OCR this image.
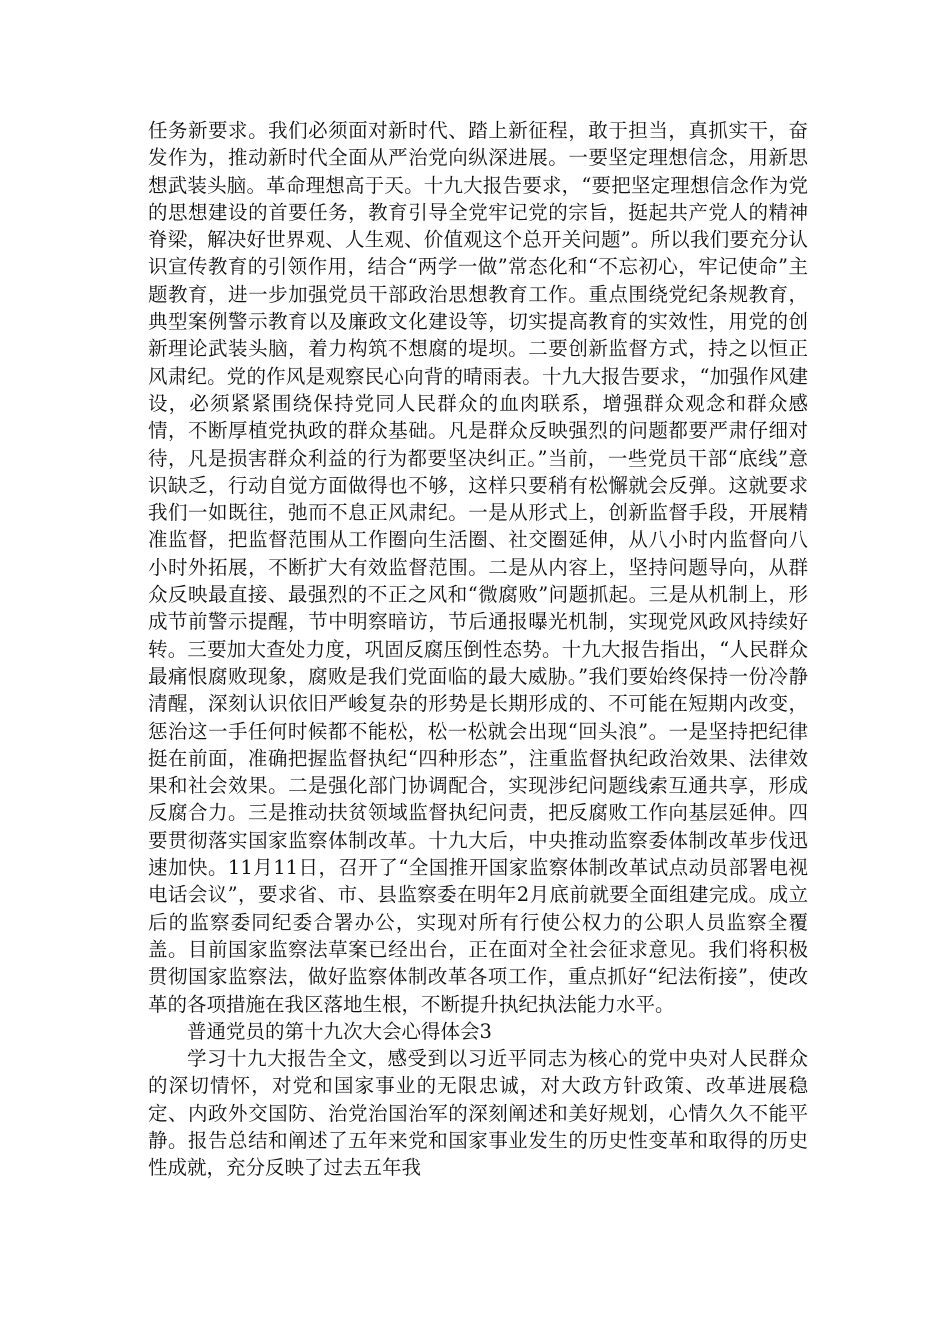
任务新要求。我们必须面对新时代、踏上新征程，敢于担当，真抓实干，奋发作为，推动新时代全面从严治党向纵深进展。一要坚定理想信念，用新思想武装头脑。革命理想高于天。十九大报告要求，“要把坚定理想信念作为党的思想建设的首要任务，教育引导全党牢记党的宗旨，挺起共产党人的精神脊梁，解决好世界观、人生观、价值观这个总开关问题”。所以我们要充分认识宣传教育的引领作用，结合“两学一做”常态化和“不忘初心，牢记使命”主题教育，进一步加强党员干部政治思想教育工作。重点围绕党纪条规教育，典型案例警示教育以及廉政文化建设等，切实提高教育的实效性，用党的创新理论武装头脑，着力构筑不想腐的堤坝。二要创新监督方式，持之以恒正风肃纪。党的作风是观察民心向背的晴雨表。十九大报告要求，“加强作风建设，必须紧紧围绕保持党同人民群众的血肉联系，增强群众观念和群众感情，不断厚植党执政的群众基础。凡是群众反映强烈的问题都要严肃仔细对待，凡是损害群众利益的行为都要坚决纠正。”当前，一些党员干部“底线”意识缺乏，行动自觉方面做得也不够，这样只要稍有松懈就会反弹。这就要求我们一如既往，弛而不息正风肃纪。一是从形式上，创新监督手段，开展精准监督，把监督范围从工作圈向生活圈、社交圈延伸，从八小时内监督向八小时外拓展，不断扩大有效监督范围。二是从内容上，坚持问题导向，从群众反映最直接、最强烈的不正之风和“微腐败”问题抓起。三是从机制上，形成节前警示提醒，节中明察暗访，节后通报曝光机制，实现党风政风持续好转。三要加大查处力度，巩固反腐压倒性态势。十九大报告指出，“人民群众最痛恨腐败现象，腐败是我们党面临的最大威胁。”我们要始终保持一份冷静清醒，深刻认识依旧严峻复杂的形势是长期形成的、不可能在短期内改变，惩治这一手任何时候都不能松，松一松就会出现“回头浪”。一是坚持把纪律挺在前面，准确把握监督执纪“四种形态”，注重监督执纪政治效果、法律效果和社会效果。二是强化部门协调配合，实现涉纪问题线索互通共享，形成反腐合力。三是推动扶贫领域监督执纪问责，把反腐败工作向基层延伸。四要贯彻落实国家监察体制改革。十九大后，中央推动监察委体制改革步伐迅速加快。11月11日，召开了“全国推开国家监察体制改革试点动员部署电视电话会议”，要求省、市、县监察委在明年2月底前就要全面组建完成。成立后的监察委同纪委合署办公，实现对所有行使公权力的公职人员监察全覆盖。目前国家监察法草案已经出台，正在面对全社会征求意见。我们将积极贯彻国家监察法，做好监察体制改革各项工作，重点抓好“纪法衔接”，使改革的各项措施在我区落地生根，不断提升执纪执法能力水平。

普通党员的第十九次大会心得体会3

学习十九大报告全文，感受到以习近平同志为核心的党中央对人民群众的深切情怀，对党和国家事业的无限忠诚，对大政方针政策、改革进展稳定、内政外交国防、治党治国治军的深刻阐述和美好规划，心情久久不能平静。报告总结和阐述了五年来党和国家事业发生的历史性变革和取得的历史性成就，充分反映了过去五年我
